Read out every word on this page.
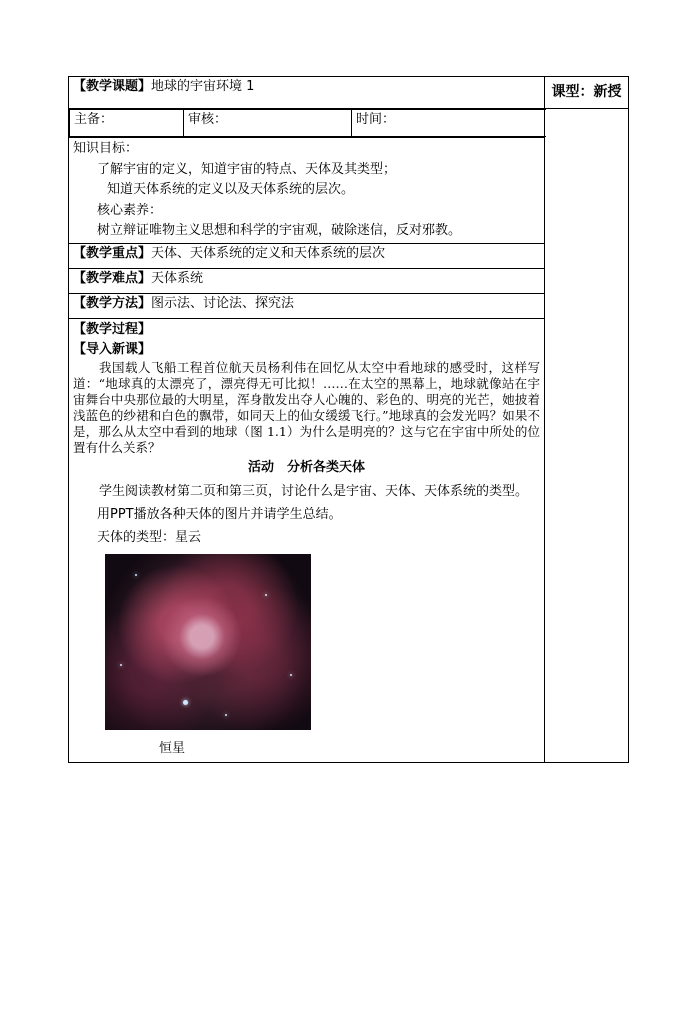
【教学课题】地球的宇宙环境 1	课型：新授

主备：	审核：	时间：

知识目标：
了解宇宙的定义，知道宇宙的特点、天体及其类型；
知道天体系统的定义以及天体系统的层次。
核心素养：
树立辩证唯物主义思想和科学的宇宙观，破除迷信，反对邪教。

【教学重点】天体、天体系统的定义和天体系统的层次
【教学难点】天体系统
【教学方法】图示法、讨论法、探究法

【教学过程】
【导入新课】

我国载人飞船工程首位航天员杨利伟在回忆从太空中看地球的感受时，这样写道：“地球真的太漂亮了，漂亮得无可比拟！……在太空的黑幕上，地球就像站在宇宙舞台中央那位最的大明星，浑身散发出夺人心魄的、彩色的、明亮的光芒，她披着浅蓝色的纱裙和白色的飘带，如同天上的仙女缓缓飞行。”地球真的会发光吗？如果不是，那么从太空中看到的地球（图 1.1）为什么是明亮的？这与它在宇宙中所处的位置有什么关系？

活动　分析各类天体
学生阅读教材第二页和第三页，讨论什么是宇宙、天体、天体系统的类型。
用PPT播放各种天体的图片并请学生总结。
天体的类型：星云
恒星
